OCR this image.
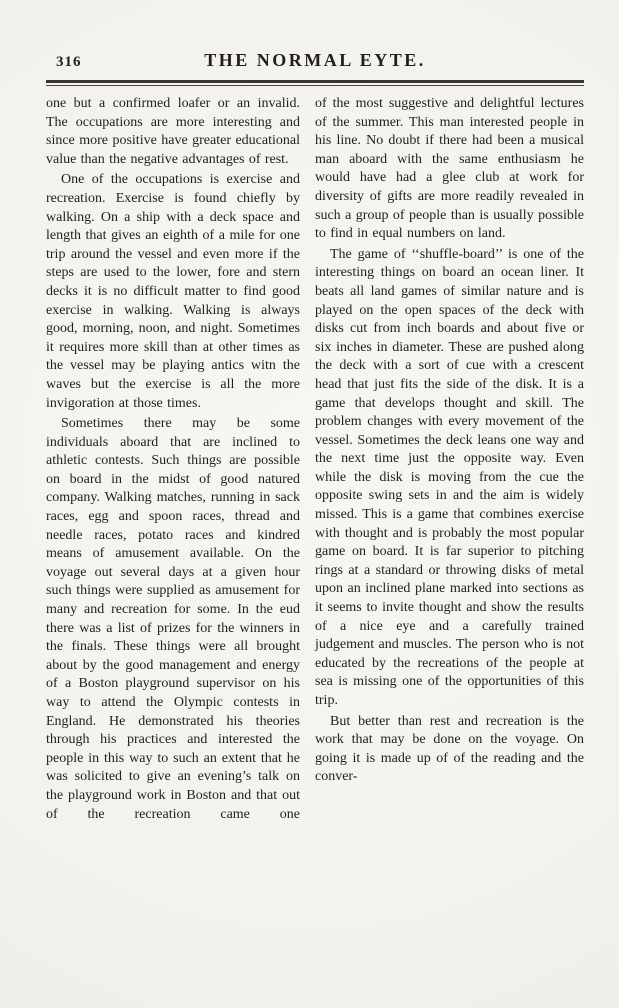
316	THE NORMAL EYTE.

one but a confirmed loafer or an invalid. The occupations are more interesting and since more positive have greater educational value than the negative advantages of rest.

One of the occupations is exercise and recreation. Exercise is found chiefly by walking. On a ship with a deck space and length that gives an eighth of a mile for one trip around the vessel and even more if the steps are used to the lower, fore and stern decks it is no difficult matter to find good exercise in walking. Walking is always good, morning, noon, and night. Sometimes it requires more skill than at other times as the vessel may be playing antics witn the waves but the exercise is all the more invigoration at those times.

Sometimes there may be some individuals aboard that are inclined to athletic contests. Such things are possible on board in the midst of good natured company. Walking matches, running in sack races, egg and spoon races, thread and needle races, potato races and kindred means of amusement available. On the voyage out several days at a given hour such things were supplied as amusement for many and recreation for some. In the eud there was a list of prizes for the winners in the finals. These things were all brought about by the good management and energy of a Boston playground supervisor on his way to attend the Olympic contests in England. He demonstrated his theories through his practices and interested the people in this way to such an extent that he was solicited to give an evening’s talk on the playground work in Boston and that out of the recreation came one

of the most suggestive and delightful lectures of the summer. This man interested people in his line. No doubt if there had been a musical man aboard with the same enthusiasm he would have had a glee club at work for diversity of gifts are more readily revealed in such a group of people than is usually possible to find in equal numbers on land.

The game of ‘‘shuffle-board’’ is one of the interesting things on board an ocean liner. It beats all land games of similar nature and is played on the open spaces of the deck with disks cut from inch boards and about five or six inches in diameter. These are pushed along the deck with a sort of cue with a crescent head that just fits the side of the disk. It is a game that develops thought and skill. The problem changes with every movement of the vessel. Sometimes the deck leans one way and the next time just the opposite way. Even while the disk is moving from the cue the opposite swing sets in and the aim is widely missed. This is a game that combines exercise with thought and is probably the most popular game on board. It is far superior to pitching rings at a standard or throwing disks of metal upon an inclined plane marked into sections as it seems to invite thought and show the results of a nice eye and a carefully trained judgement and muscles. The person who is not educated by the recreations of the people at sea is missing one of the opportunities of this trip.

But better than rest and recreation is the work that may be done on the voyage. On going it is made up of of the reading and the conver-
